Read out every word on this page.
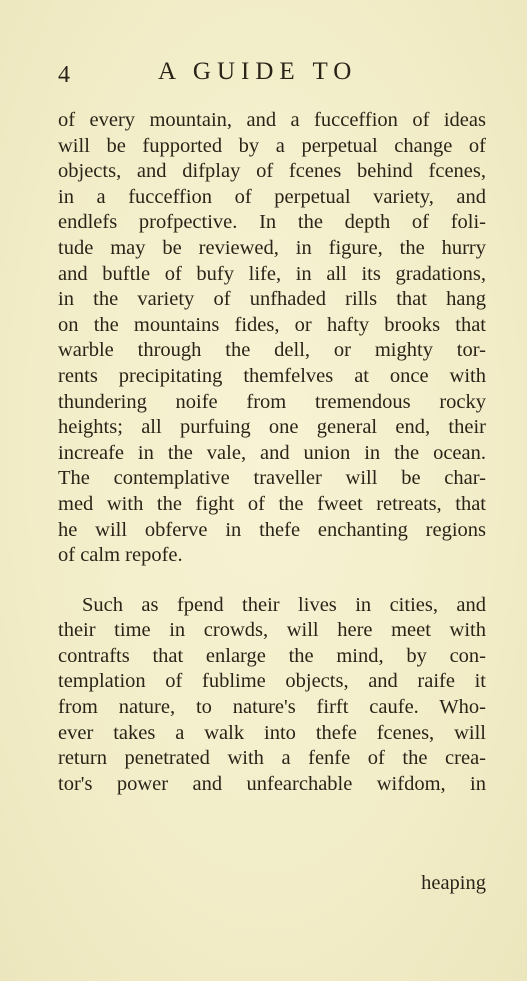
4	A GUIDE TO
of every mountain, and a fucceffion of ideas
will be fupported by a perpetual change of
objects, and difplay of fcenes behind fcenes,
in a fucceffion of perpetual variety, and
endlefs profpective. In the depth of foli-
tude may be reviewed, in figure, the hurry
and buftle of bufy life, in all its gradations,
in the variety of unfhaded rills that hang
on the mountains fides, or hafty brooks that
warble through the dell, or mighty tor-
rents precipitating themfelves at once with
thundering noife from tremendous rocky
heights; all purfuing one general end, their
increafe in the vale, and union in the ocean.
The contemplative traveller will be char-
med with the fight of the fweet retreats, that
he will obferve in thefe enchanting regions
of calm repofe.
Such as fpend their lives in cities, and
their time in crowds, will here meet with
contrafts that enlarge the mind, by con-
templation of fublime objects, and raife it
from nature, to nature's firft caufe. Who-
ever takes a walk into thefe fcenes, will
return penetrated with a fenfe of the crea-
tor's power and unfearchable wifdom, in
heaping
